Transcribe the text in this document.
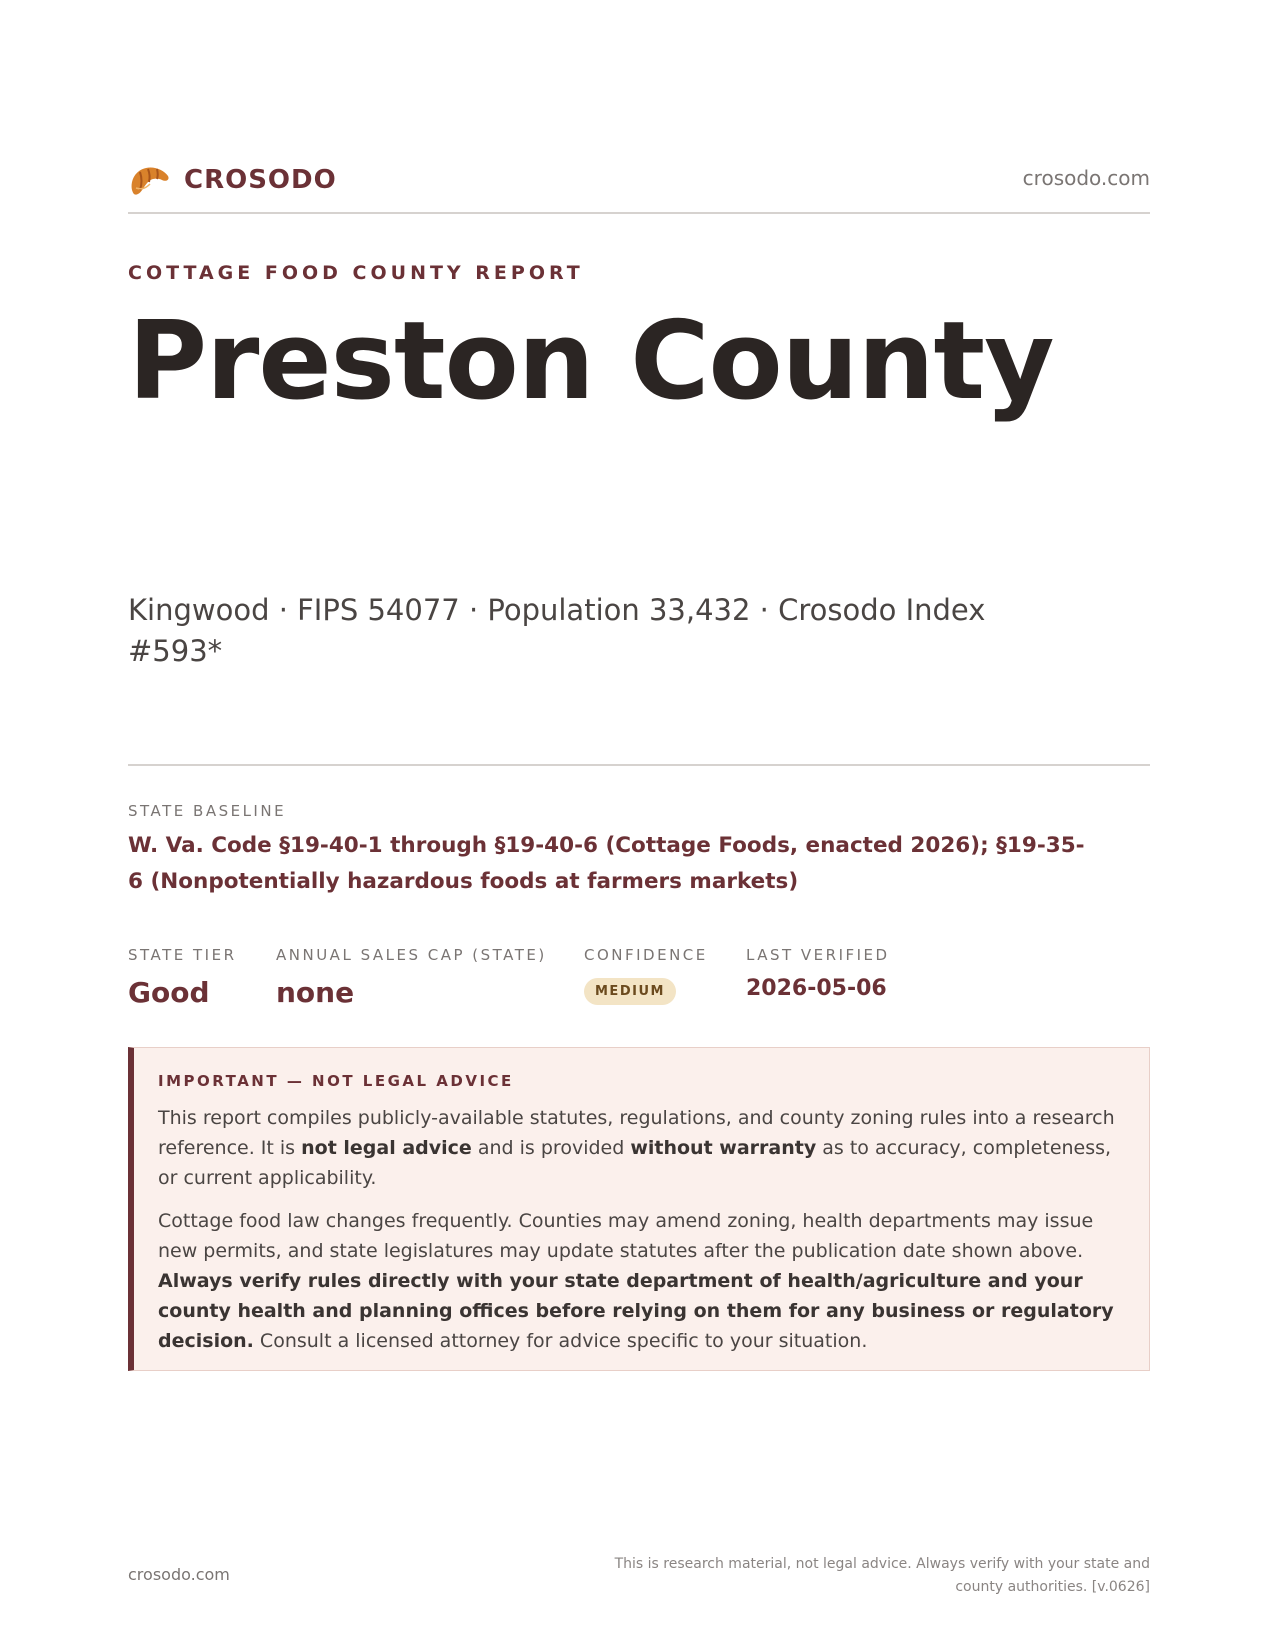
CROSODO	crosodo.com
COTTAGE FOOD COUNTY REPORT
Preston County
Kingwood · FIPS 54077 · Population 33,432 · Crosodo Index #593*
STATE BASELINE
W. Va. Code §19-40-1 through §19-40-6 (Cottage Foods, enacted 2026); §19-35-6 (Nonpotentially hazardous foods at farmers markets)
STATE TIER
Good
ANNUAL SALES CAP (STATE)
none
CONFIDENCE
MEDIUM
LAST VERIFIED
2026-05-06
IMPORTANT — NOT LEGAL ADVICE

This report compiles publicly-available statutes, regulations, and county zoning rules into a research reference. It is not legal advice and is provided without warranty as to accuracy, completeness, or current applicability.

Cottage food law changes frequently. Counties may amend zoning, health departments may issue new permits, and state legislatures may update statutes after the publication date shown above. Always verify rules directly with your state department of health/agriculture and your county health and planning offices before relying on them for any business or regulatory decision. Consult a licensed attorney for advice specific to your situation.

crosodo.com
This is research material, not legal advice. Always verify with your state and county authorities. [v.0626]
